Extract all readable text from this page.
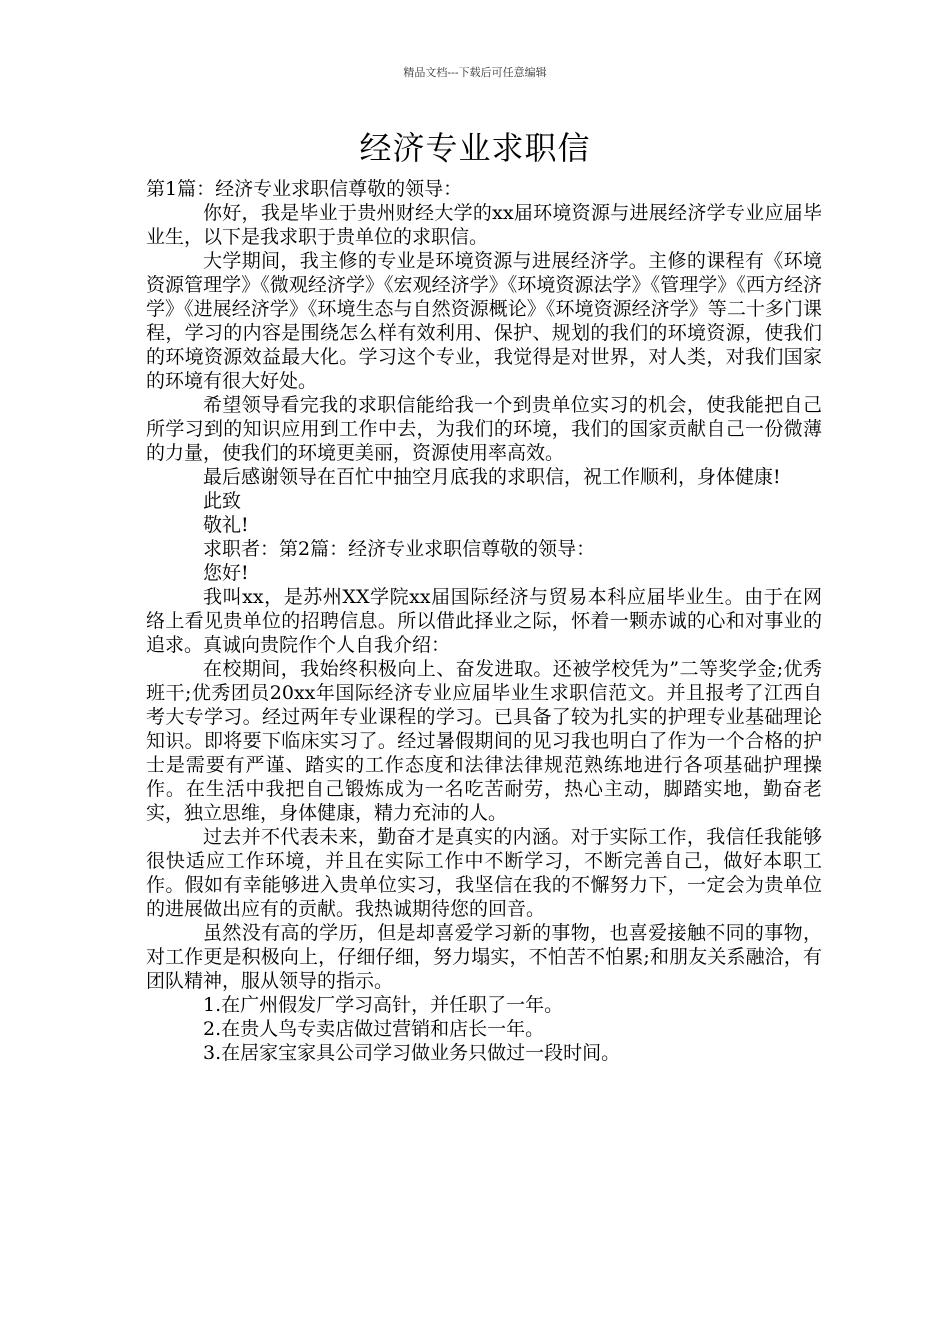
精品文档---下载后可任意编辑
经济专业求职信

第1篇：经济专业求职信尊敬的领导：

你好，我是毕业于贵州财经大学的xx届环境资源与进展经济学专业应届毕业生，以下是我求职于贵单位的求职信。

大学期间，我主修的专业是环境资源与进展经济学。主修的课程有《环境资源管理学》《微观经济学》《宏观经济学》《环境资源法学》《管理学》《西方经济学》《进展经济学》《环境生态与自然资源概论》《环境资源经济学》等二十多门课程，学习的内容是围绕怎么样有效利用、保护、规划的我们的环境资源，使我们的环境资源效益最大化。学习这个专业，我觉得是对世界，对人类，对我们国家的环境有很大好处。

希望领导看完我的求职信能给我一个到贵单位实习的机会，使我能把自己所学习到的知识应用到工作中去，为我们的环境，我们的国家贡献自己一份微薄的力量，使我们的环境更美丽，资源使用率高效。

最后感谢领导在百忙中抽空月底我的求职信，祝工作顺利，身体健康!

此致

敬礼!

求职者：第2篇：经济专业求职信尊敬的领导：

您好!

我叫xx，是苏州XX学院xx届国际经济与贸易本科应届毕业生。由于在网络上看见贵单位的招聘信息。所以借此择业之际，怀着一颗赤诚的心和对事业的追求。真诚向贵院作个人自我介绍：

在校期间，我始终积极向上、奋发进取。还被学校凭为”二等奖学金;优秀班干;优秀团员20xx年国际经济专业应届毕业生求职信范文。并且报考了江西自考大专学习。经过两年专业课程的学习。已具备了较为扎实的护理专业基础理论知识。即将要下临床实习了。经过暑假期间的见习我也明白了作为一个合格的护士是需要有严谨、踏实的工作态度和法律法律规范熟练地进行各项基础护理操作。在生活中我把自己锻炼成为一名吃苦耐劳，热心主动，脚踏实地，勤奋老实，独立思维，身体健康，精力充沛的人。

过去并不代表未来，勤奋才是真实的内涵。对于实际工作，我信任我能够很快适应工作环境，并且在实际工作中不断学习，不断完善自己，做好本职工作。假如有幸能够进入贵单位实习，我坚信在我的不懈努力下，一定会为贵单位的进展做出应有的贡献。我热诚期待您的回音。

虽然没有高的学历，但是却喜爱学习新的事物，也喜爱接触不同的事物，对工作更是积极向上，仔细仔细，努力塌实，不怕苦不怕累;和朋友关系融洽，有团队精神，服从领导的指示。

1.在广州假发厂学习高针，并任职了一年。

2.在贵人鸟专卖店做过营销和店长一年。

3.在居家宝家具公司学习做业务只做过一段时间。
